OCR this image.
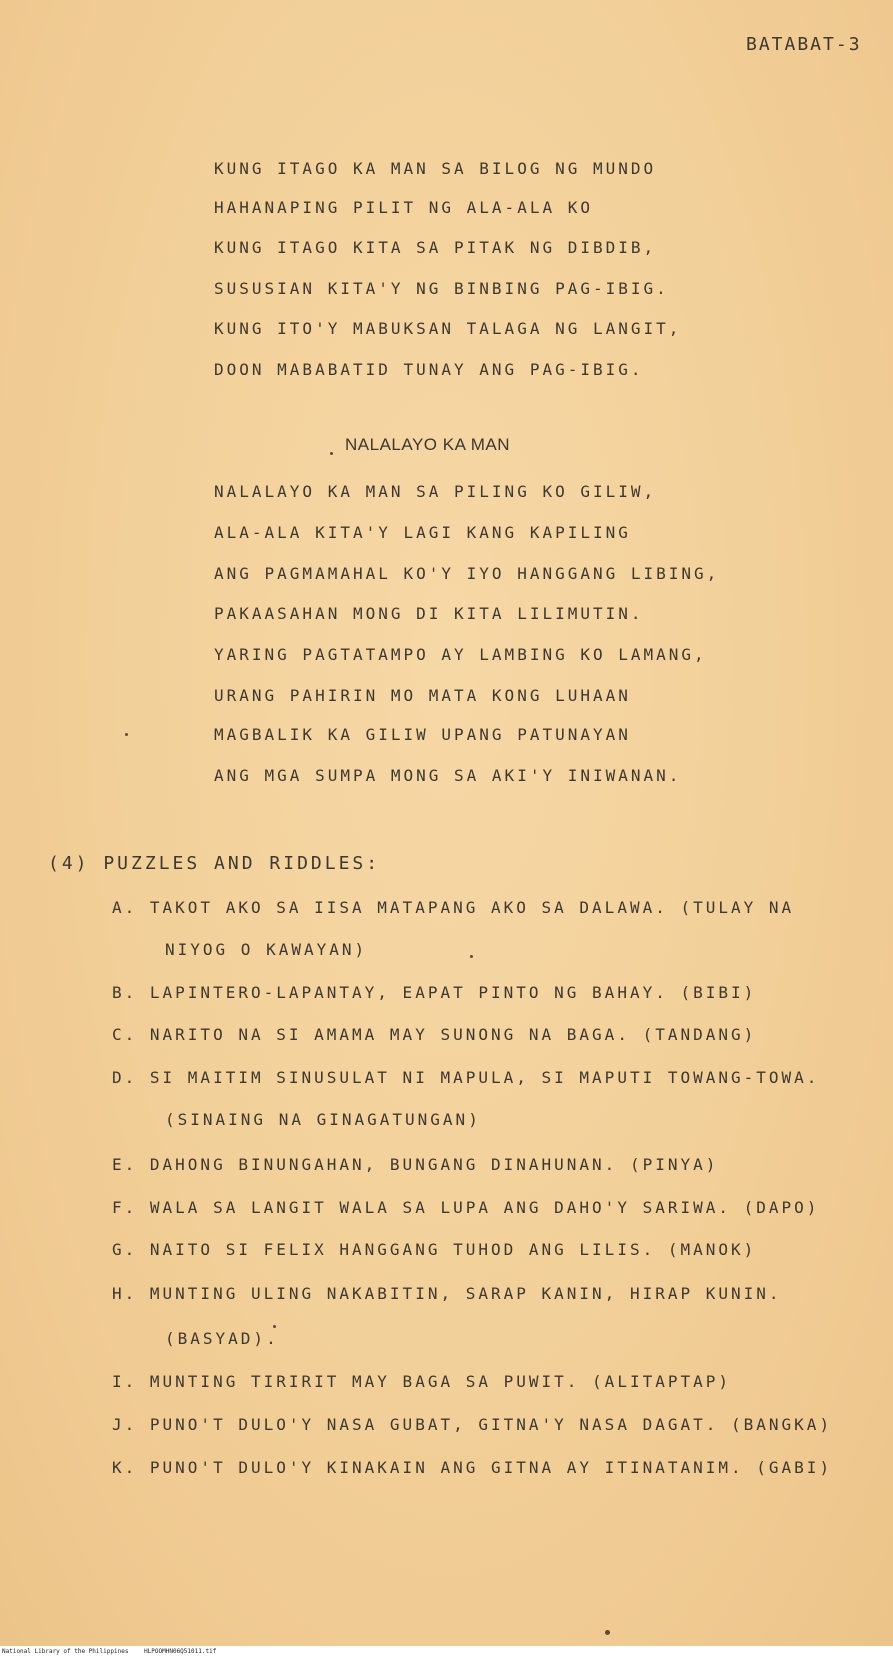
BATABAT-3
KUNG ITAGO KA MAN SA BILOG NG MUNDO
HAHANAPING PILIT NG ALA-ALA KO
KUNG ITAGO KITA SA PITAK NG DIBDIB,
SUSUSIAN KITA'Y NG BINBING PAG-IBIG.
KUNG ITO'Y MABUKSAN TALAGA NG LANGIT,
DOON MABABATID TUNAY ANG PAG-IBIG.
NALALAYO KA MAN
NALALAYO KA MAN SA PILING KO GILIW,
ALA-ALA KITA'Y LAGI KANG KAPILING
ANG PAGMAMAHAL KO'Y IYO HANGGANG LIBING,
PAKAASAHAN MONG DI KITA LILIMUTIN.
YARING PAGTATAMPO AY LAMBING KO LAMANG,
URANG PAHIRIN MO MATA KONG LUHAAN
MAGBALIK KA GILIW UPANG PATUNAYAN
ANG MGA SUMPA MONG SA AKI'Y INIWANAN.
(4) PUZZLES AND RIDDLES:
A. TAKOT AKO SA IISA MATAPANG AKO SA DALAWA. (TULAY NA
NIYOG O KAWAYAN)
B. LAPINTERO-LAPANTAY, EAPAT PINTO NG BAHAY. (BIBI)
C. NARITO NA SI AMAMA MAY SUNONG NA BAGA. (TANDANG)
D. SI MAITIM SINUSULAT NI MAPULA, SI MAPUTI TOWANG-TOWA.
(SINAING NA GINAGATUNGAN)
E. DAHONG BINUNGAHAN, BUNGANG DINAHUNAN. (PINYA)
F. WALA SA LANGIT WALA SA LUPA ANG DAHO'Y SARIWA. (DAPO)
G. NAITO SI FELIX HANGGANG TUHOD ANG LILIS. (MANOK)
H. MUNTING ULING NAKABITIN, SARAP KANIN, HIRAP KUNIN.
(BASYAD).
I. MUNTING TIRIRIT MAY BAGA SA PUWIT. (ALITAPTAP)
J. PUNO'T DULO'Y NASA GUBAT, GITNA'Y NASA DAGAT. (BANGKA)
K. PUNO'T DULO'Y KINAKAIN ANG GITNA AY ITINATANIM. (GABI)
National Library of the Philippines	HLPOOMHN06Q51011.tif
